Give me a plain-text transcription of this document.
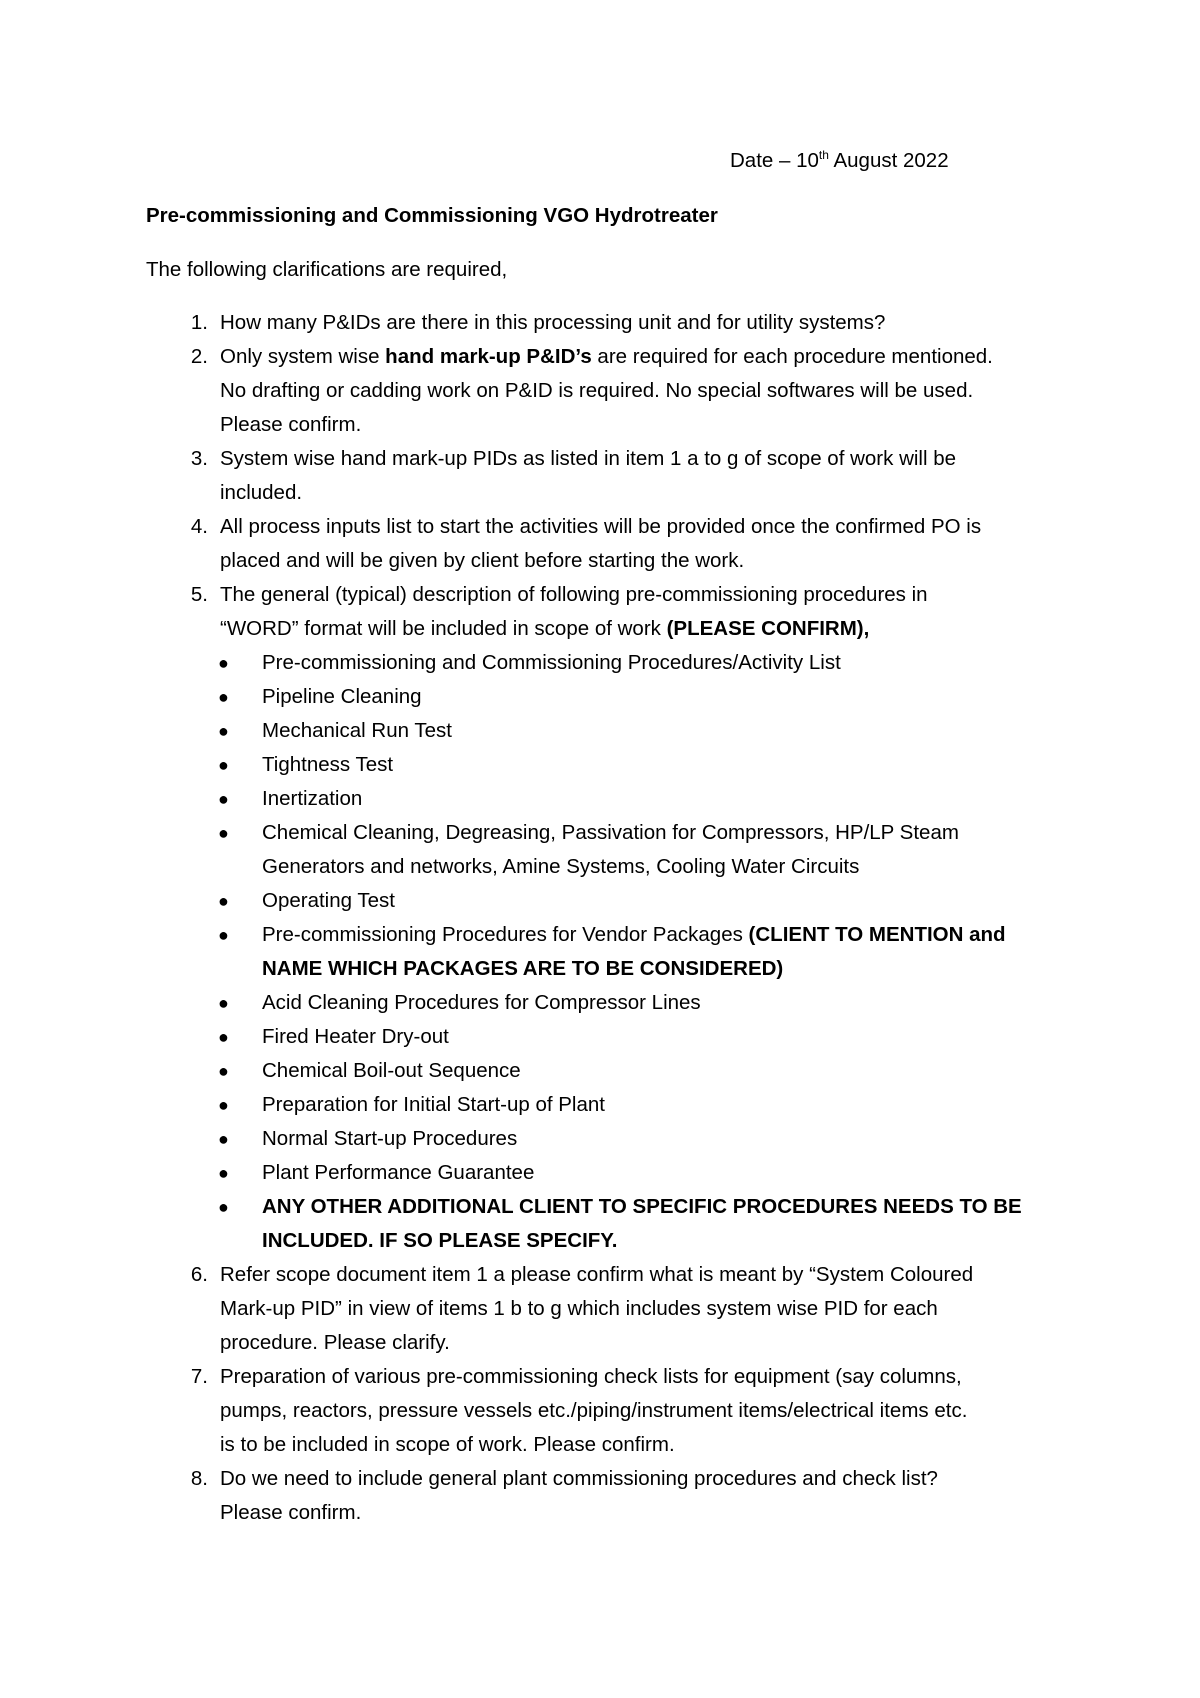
Date – 10th August 2022
Pre-commissioning and Commissioning VGO Hydrotreater
The following clarifications are required,
1. How many P&IDs are there in this processing unit and for utility systems?
2. Only system wise hand mark-up P&ID’s are required for each procedure mentioned.
No drafting or cadding work on P&ID is required. No special softwares will be used.
Please confirm.
3. System wise hand mark-up PIDs as listed in item 1 a to g of scope of work will be
included.
4. All process inputs list to start the activities will be provided once the confirmed PO is
placed and will be given by client before starting the work.
5. The general (typical) description of following pre-commissioning procedures in
“WORD” format will be included in scope of work (PLEASE CONFIRM),
● Pre-commissioning and Commissioning Procedures/Activity List
● Pipeline Cleaning
● Mechanical Run Test
● Tightness Test
● Inertization
● Chemical Cleaning, Degreasing, Passivation for Compressors, HP/LP Steam
Generators and networks, Amine Systems, Cooling Water Circuits
● Operating Test
● Pre-commissioning Procedures for Vendor Packages (CLIENT TO MENTION and
NAME WHICH PACKAGES ARE TO BE CONSIDERED)
● Acid Cleaning Procedures for Compressor Lines
● Fired Heater Dry-out
● Chemical Boil-out Sequence
● Preparation for Initial Start-up of Plant
● Normal Start-up Procedures
● Plant Performance Guarantee
● ANY OTHER ADDITIONAL CLIENT TO SPECIFIC PROCEDURES NEEDS TO BE
INCLUDED. IF SO PLEASE SPECIFY.
6. Refer scope document item 1 a please confirm what is meant by “System Coloured
Mark-up PID” in view of items 1 b to g which includes system wise PID for each
procedure. Please clarify.
7. Preparation of various pre-commissioning check lists for equipment (say columns,
pumps, reactors, pressure vessels etc./piping/instrument items/electrical items etc.
is to be included in scope of work. Please confirm.
8. Do we need to include general plant commissioning procedures and check list?
Please confirm.
